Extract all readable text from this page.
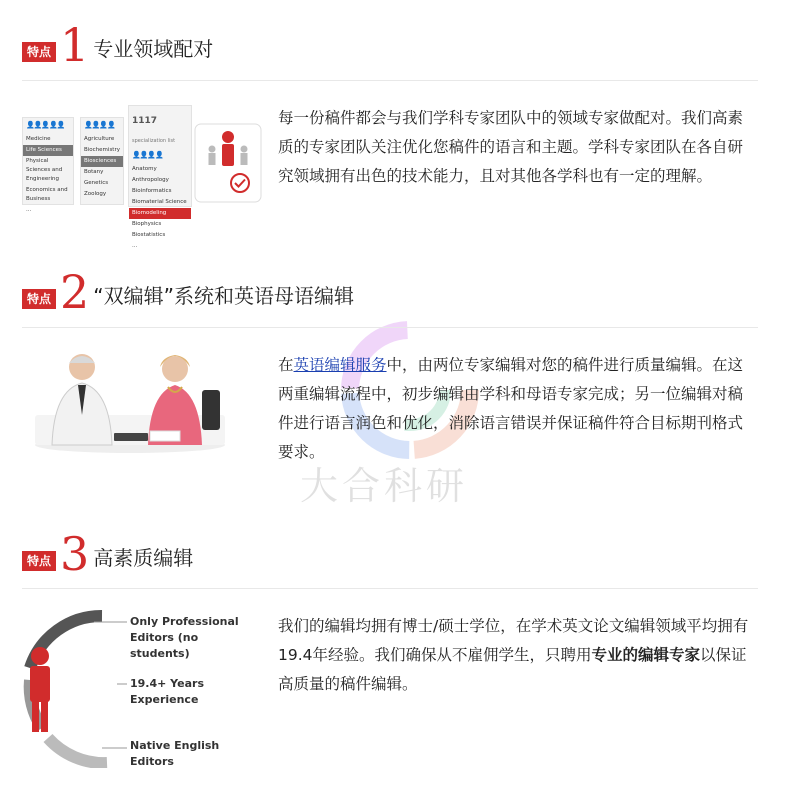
大合科研
特点 1 专业领域配对
👤👤👤👤👤
Medicine
Life Sciences
Physical Sciences and Engineering
Economics and Business
...
👤👤👤👤
Agriculture
Biochemistry
Biosciences
Botany
Genetics
Zoology
1117 specialization list
👤👤👤👤
Anatomy
Anthropology
Bioinformatics
Biomaterial Science
Biomodeling
Biophysics
Biostatistics
...
每一份稿件都会与我们学科专家团队中的领域专家做配对。我们高素质的专家团队关注优化您稿件的语言和主题。学科专家团队在各自研究领域拥有出色的技术能力，且对其他各学科也有一定的理解。
特点 2 “双编辑”系统和英语母语编辑
在英语编辑服务中，由两位专家编辑对您的稿件进行质量编辑。在这两重编辑流程中，初步编辑由学科和母语专家完成；另一位编辑对稿件进行语言润色和优化，消除语言错误并保证稿件符合目标期刊格式要求。
特点 3 高素质编辑
Only Professional Editors (no students)
19.4+ Years Experience
Native English Editors
我们的编辑均拥有博士/硕士学位，在学术英文论文编辑领域平均拥有19.4年经验。我们确保从不雇佣学生，只聘用专业的编辑专家以保证高质量的稿件编辑。
